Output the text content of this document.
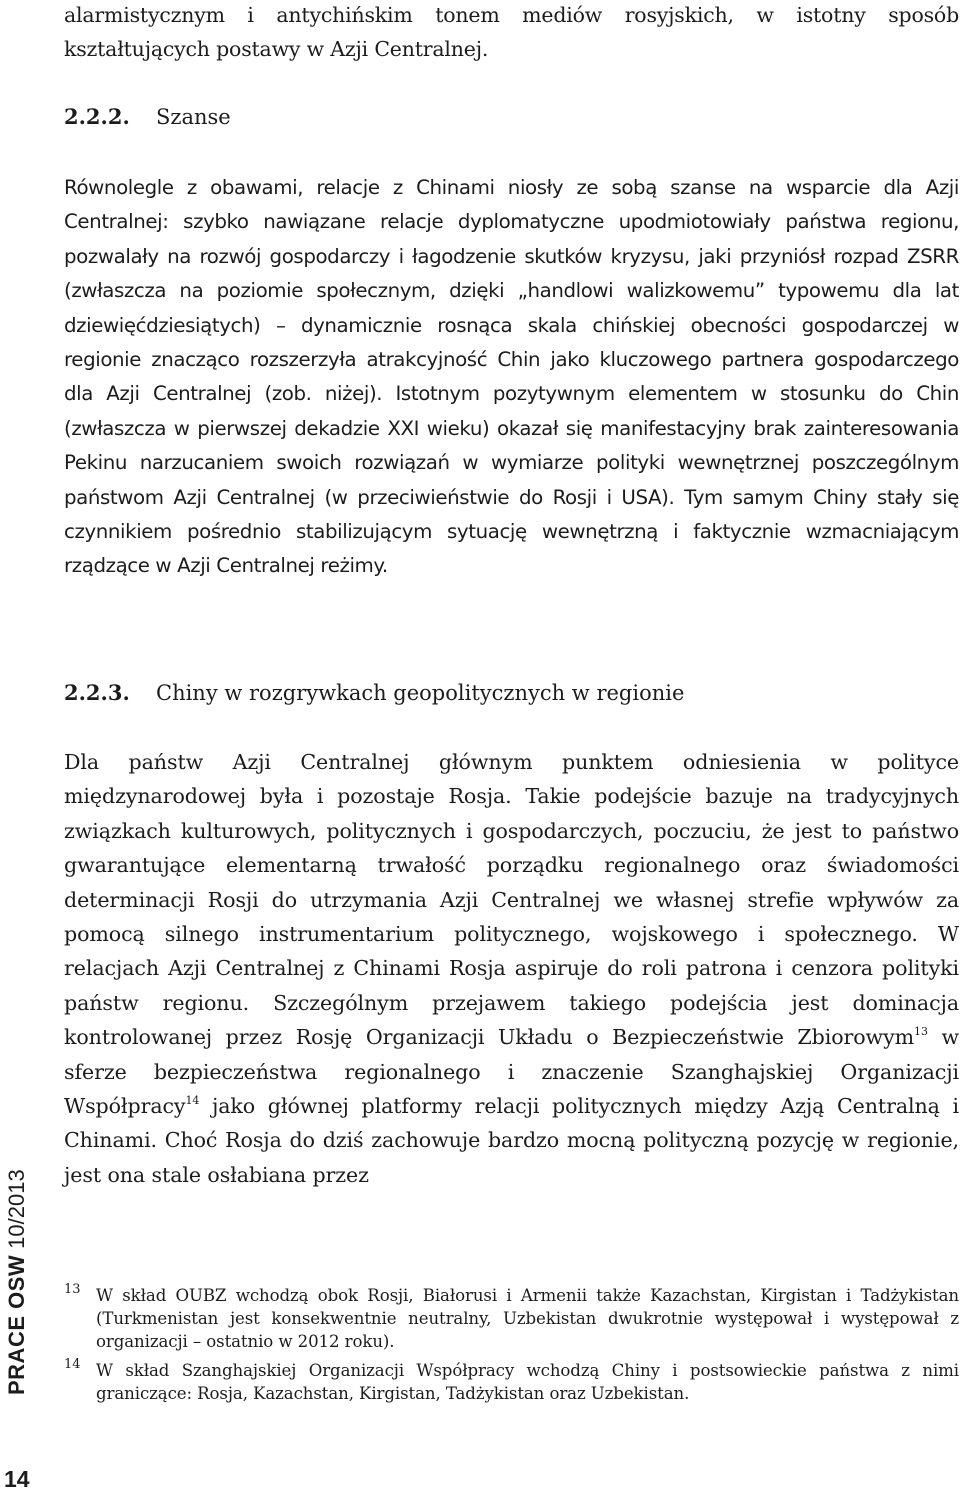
alarmistycznym i antychińskim tonem mediów rosyjskich, w istotny sposób kształtujących postawy w Azji Centralnej.

2.2.2. Szanse

Równolegle z obawami, relacje z Chinami niosły ze sobą szanse na wsparcie dla Azji Centralnej: szybko nawiązane relacje dyplomatyczne upodmiotowiały państwa regionu, pozwalały na rozwój gospodarczy i łagodzenie skutków kryzysu, jaki przyniósł rozpad ZSRR (zwłaszcza na poziomie społecznym, dzięki „handlowi walizkowemu” typowemu dla lat dziewięćdziesiątych) – dynamicznie rosnąca skala chińskiej obecności gospodarczej w regionie znacząco rozszerzyła atrakcyjność Chin jako kluczowego partnera gospodarczego dla Azji Centralnej (zob. niżej). Istotnym pozytywnym elementem w stosunku do Chin (zwłaszcza w pierwszej dekadzie XXI wieku) okazał się manifestacyjny brak zainteresowania Pekinu narzucaniem swoich rozwiązań w wymiarze polityki wewnętrznej poszczególnym państwom Azji Centralnej (w przeciwieństwie do Rosji i USA). Tym samym Chiny stały się czynnikiem pośrednio stabilizującym sytuację wewnętrzną i faktycznie wzmacniającym rządzące w Azji Centralnej reżimy.

2.2.3. Chiny w rozgrywkach geopolitycznych w regionie

Dla państw Azji Centralnej głównym punktem odniesienia w polityce międzynarodowej była i pozostaje Rosja. Takie podejście bazuje na tradycyjnych związkach kulturowych, politycznych i gospodarczych, poczuciu, że jest to państwo gwarantujące elementarną trwałość porządku regionalnego oraz świadomości determinacji Rosji do utrzymania Azji Centralnej we własnej strefie wpływów za pomocą silnego instrumentarium politycznego, wojskowego i społecznego. W relacjach Azji Centralnej z Chinami Rosja aspiruje do roli patrona i cenzora polityki państw regionu. Szczególnym przejawem takiego podejścia jest dominacja kontrolowanej przez Rosję Organizacji Układu o Bezpieczeństwie Zbiorowym$^{13}$ w sferze bezpieczeństwa regionalnego i znaczenie Szanghajskiej Organizacji Współpracy$^{14}$ jako głównej platformy relacji politycznych między Azją Centralną i Chinami. Choć Rosja do dziś zachowuje bardzo mocną polityczną pozycję w regionie, jest ona stale osłabiana przez

13 W skład OUBZ wchodzą obok Rosji, Białorusi i Armenii także Kazachstan, Kirgistan i Tadżykistan (Turkmenistan jest konsekwentnie neutralny, Uzbekistan dwukrotnie występował i występował z organizacji – ostatnio w 2012 roku).
14 W skład Szanghajskiej Organizacji Współpracy wchodzą Chiny i postsowieckie państwa z nimi graniczące: Rosja, Kazachstan, Kirgistan, Tadżykistan oraz Uzbekistan.
PRACE OSW10/2013
14
